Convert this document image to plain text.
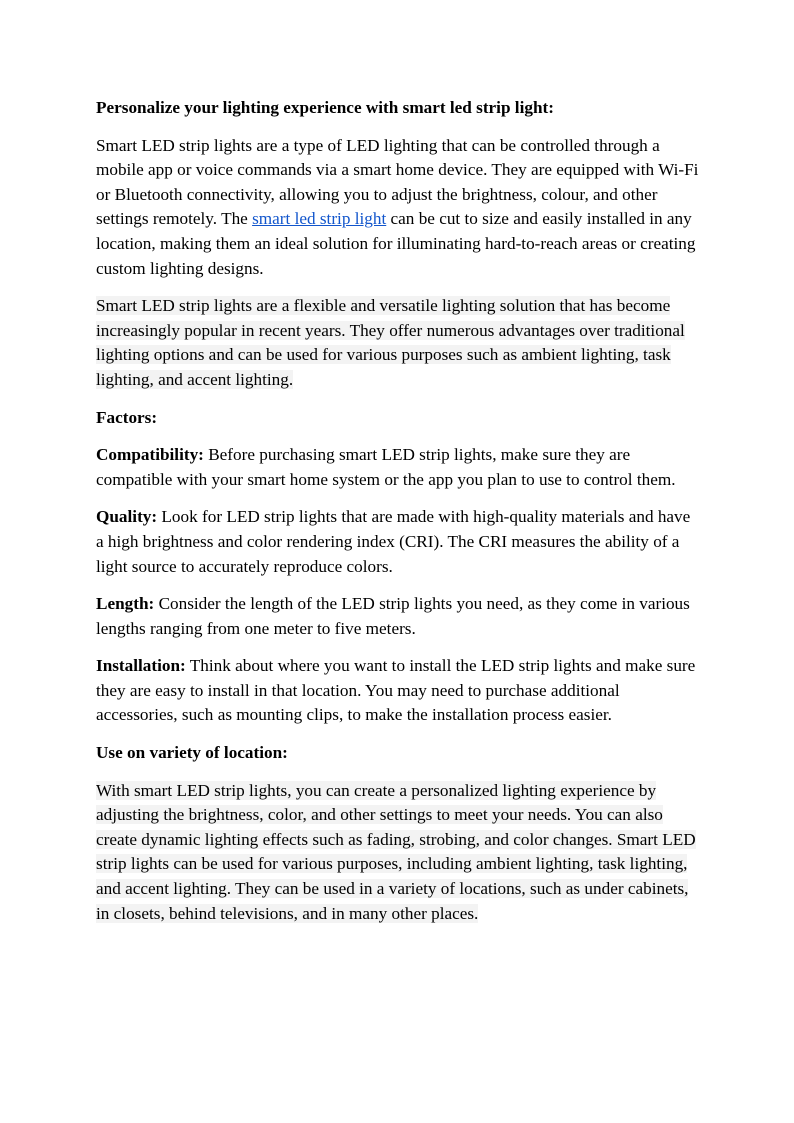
Personalize your lighting experience with smart led strip light:

Smart LED strip lights are a type of LED lighting that can be controlled through a mobile app or voice commands via a smart home device. They are equipped with Wi-Fi or Bluetooth connectivity, allowing you to adjust the brightness, colour, and other settings remotely. The smart led strip light can be cut to size and easily installed in any location, making them an ideal solution for illuminating hard-to-reach areas or creating custom lighting designs.

Smart LED strip lights are a flexible and versatile lighting solution that has become increasingly popular in recent years. They offer numerous advantages over traditional lighting options and can be used for various purposes such as ambient lighting, task lighting, and accent lighting.

Factors:

Compatibility: Before purchasing smart LED strip lights, make sure they are compatible with your smart home system or the app you plan to use to control them.

Quality: Look for LED strip lights that are made with high-quality materials and have a high brightness and color rendering index (CRI). The CRI measures the ability of a light source to accurately reproduce colors.

Length: Consider the length of the LED strip lights you need, as they come in various lengths ranging from one meter to five meters.

Installation: Think about where you want to install the LED strip lights and make sure they are easy to install in that location. You may need to purchase additional accessories, such as mounting clips, to make the installation process easier.

Use on variety of location:

With smart LED strip lights, you can create a personalized lighting experience by adjusting the brightness, color, and other settings to meet your needs. You can also create dynamic lighting effects such as fading, strobing, and color changes. Smart LED strip lights can be used for various purposes, including ambient lighting, task lighting, and accent lighting. They can be used in a variety of locations, such as under cabinets, in closets, behind televisions, and in many other places.
